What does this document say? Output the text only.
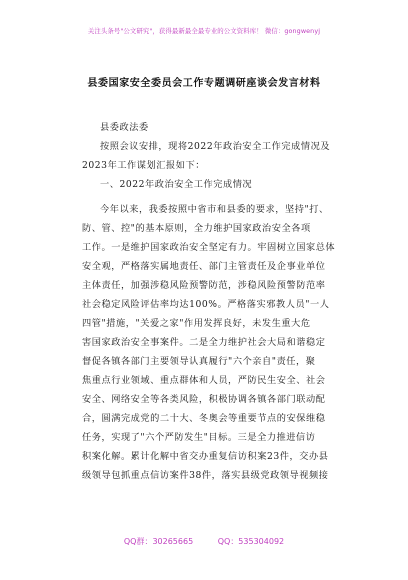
关注头条号"公文研究"，获得最新最全最专业的公文资料库！ 微信：gongwenyj
县委国家安全委员会工作专题调研座谈会发言材料
县委政法委
按照会议安排，现将2022年政治安全工作完成情况及
2023年工作谋划汇报如下：
一、2022年政治安全工作完成情况
今年以来，我委按照中省市和县委的要求，坚持"打、
防、管、控"的基本原则，全力维护国家政治安全各项
工作。一是维护国家政治安全坚定有力。牢固树立国家总体
安全观，严格落实属地责任、部门主管责任及企事业单位
主体责任，加强涉稳风险预警防范，涉稳风险预警防范率
社会稳定风险评估率均达100%。严格落实邪教人员"一人
四管"措施，"关爱之家"作用发挥良好，未发生重大危
害国家政治安全事案件。二是全力维护社会大局和谐稳定
督促各镇各部门主要领导认真履行"六个亲自"责任，聚
焦重点行业领域、重点群体和人员，严防民生安全、社会
安全、网络安全等各类风险，积极协调各镇各部门联动配
合，圆满完成党的二十大、冬奥会等重要节点的安保维稳
任务，实现了"六个严防发生"目标。三是全力推进信访
积案化解。累计化解中省交办重复信访积案23件，交办县
级领导包抓重点信访案件38件，落实县级党政领导视频接
QQ群：30265665	QQ：535304092
